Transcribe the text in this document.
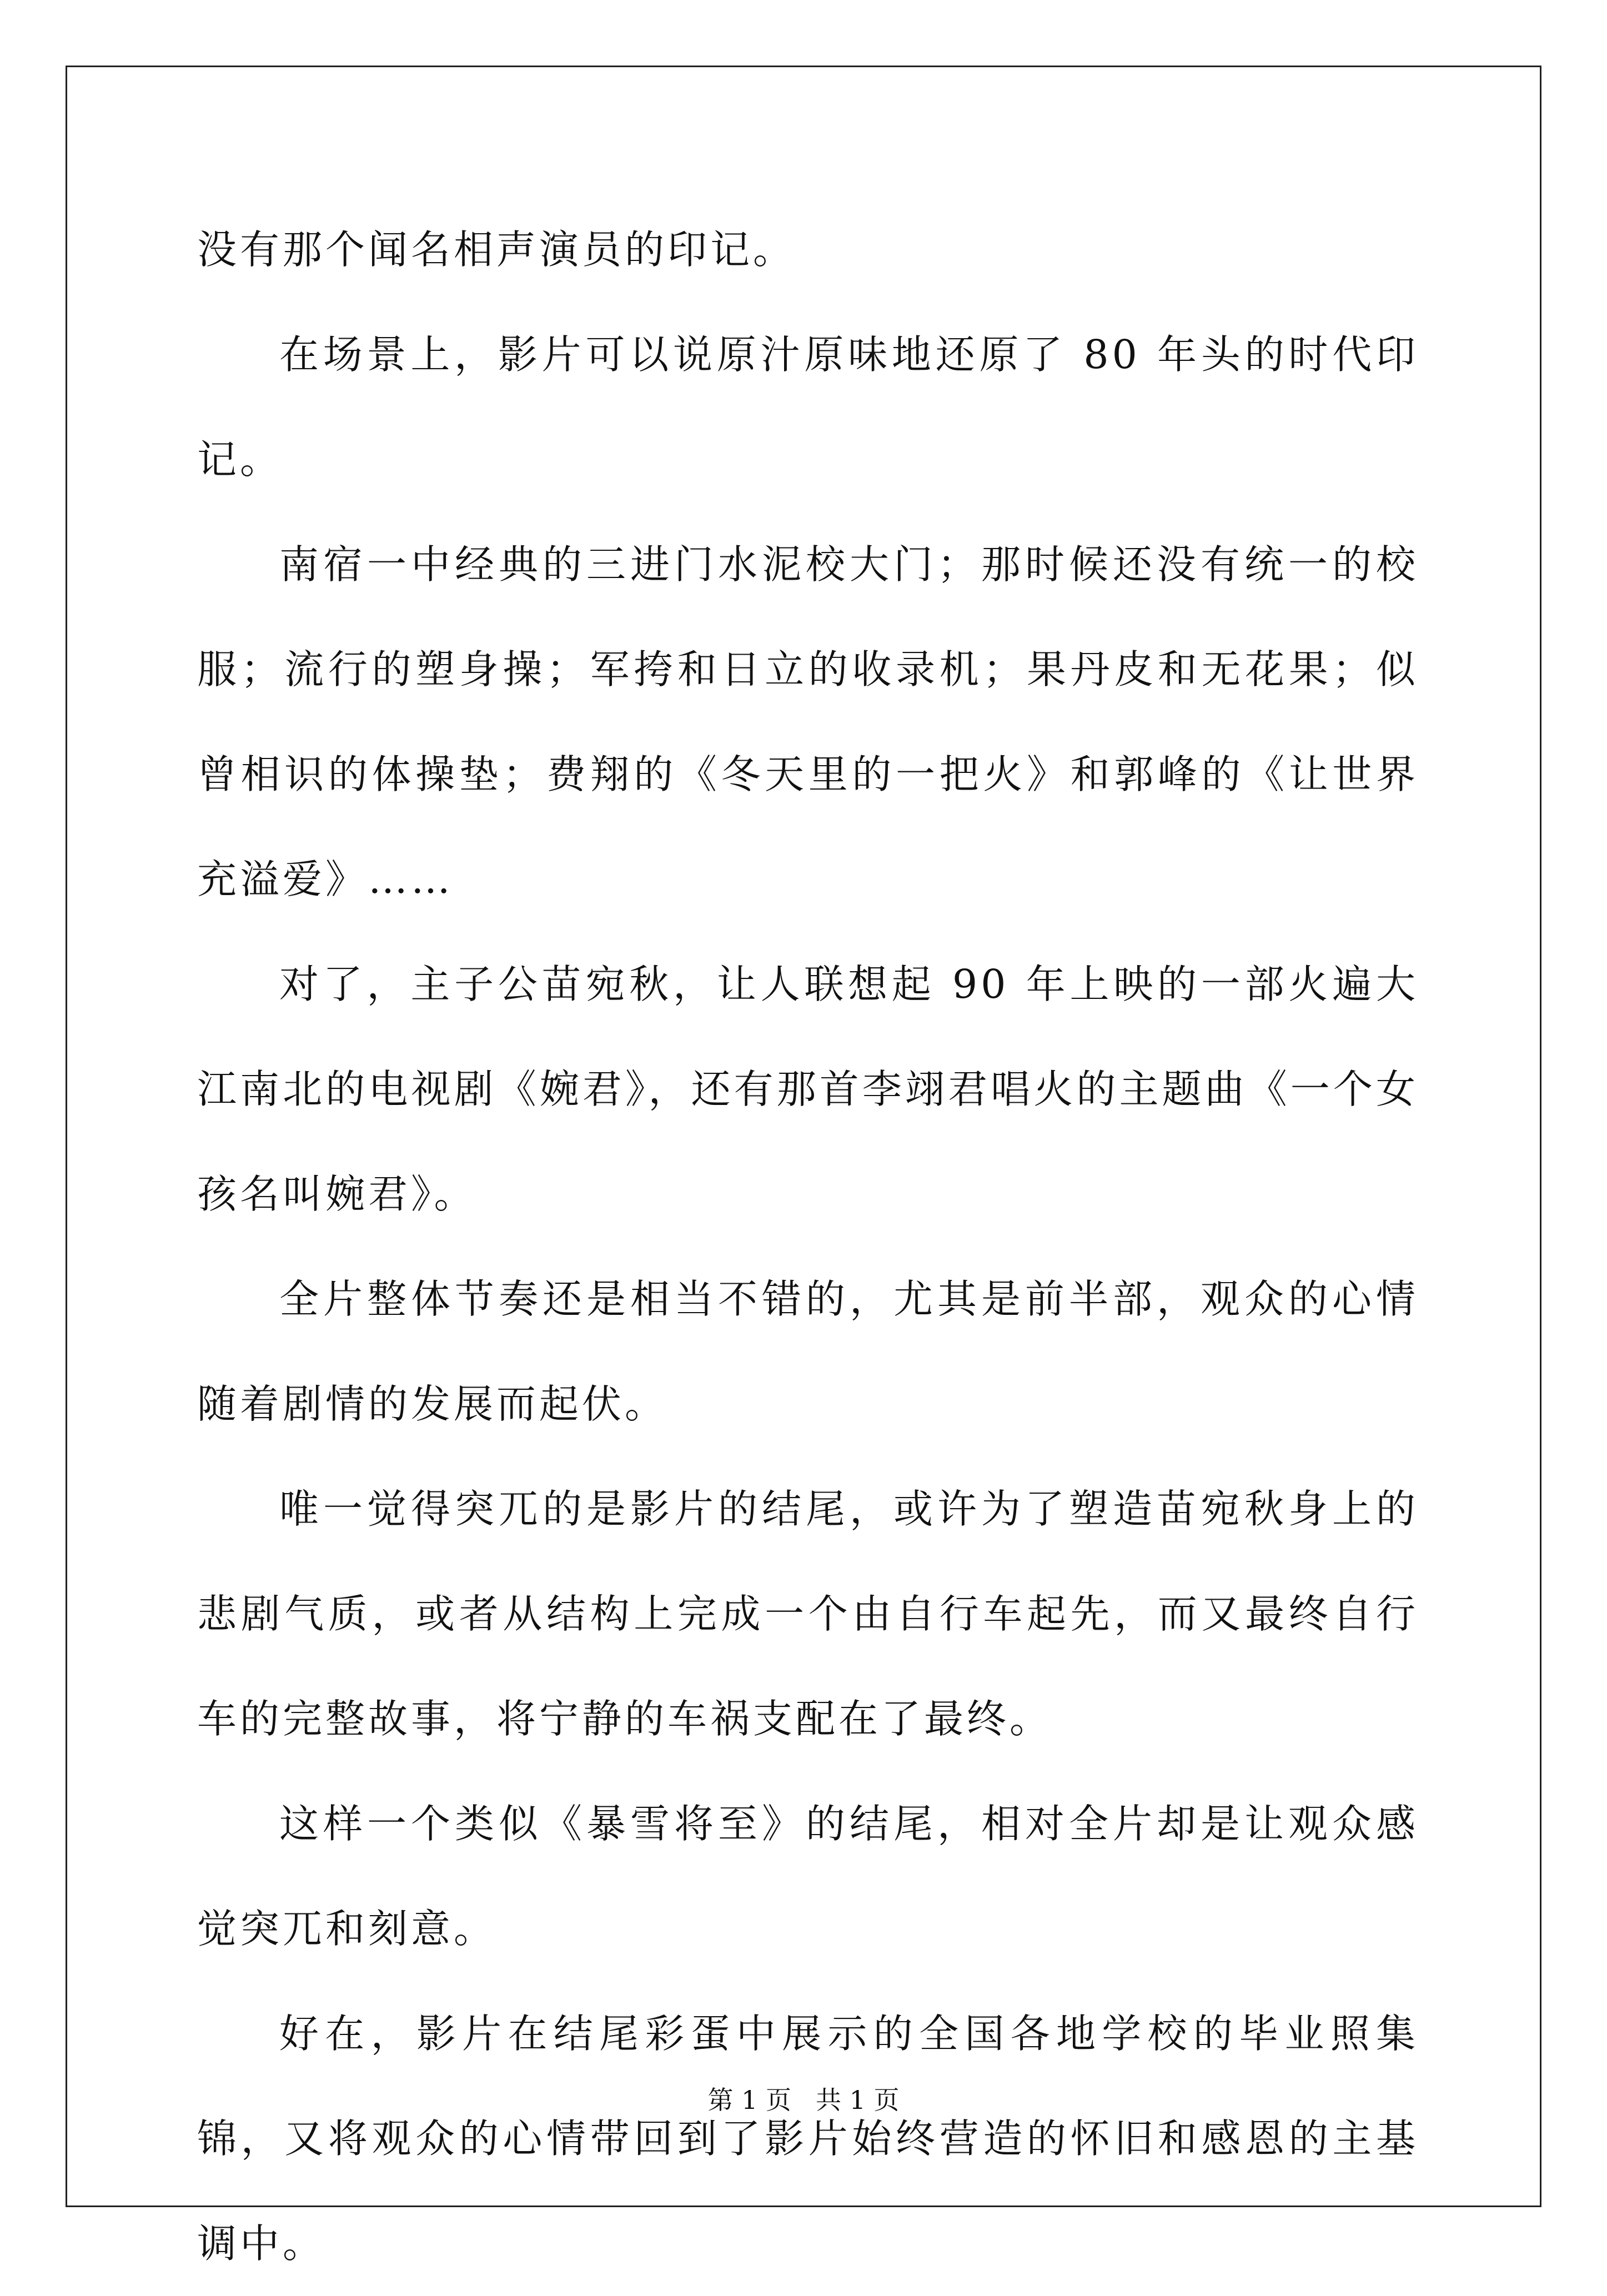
没有那个闻名相声演员的印记。

在场景上，影片可以说原汁原味地还原了 80 年头的时代印记。

南宿一中经典的三进门水泥校大门；那时候还没有统一的校服；流行的塑身操；军挎和日立的收录机；果丹皮和无花果；似曾相识的体操垫；费翔的《冬天里的一把火》和郭峰的《让世界充溢爱》……

对了，主子公苗宛秋，让人联想起 90 年上映的一部火遍大江南北的电视剧《婉君》，还有那首李翊君唱火的主题曲《一个女孩名叫婉君》。

全片整体节奏还是相当不错的，尤其是前半部，观众的心情随着剧情的发展而起伏。

唯一觉得突兀的是影片的结尾，或许为了塑造苗宛秋身上的悲剧气质，或者从结构上完成一个由自行车起先，而又最终自行车的完整故事，将宁静的车祸支配在了最终。

这样一个类似《暴雪将至》的结尾，相对全片却是让观众感觉突兀和刻意。

好在，影片在结尾彩蛋中展示的全国各地学校的毕业照集锦，又将观众的心情带回到了影片始终营造的怀旧和感恩的主基调中。

第 1 页 共 1 页
